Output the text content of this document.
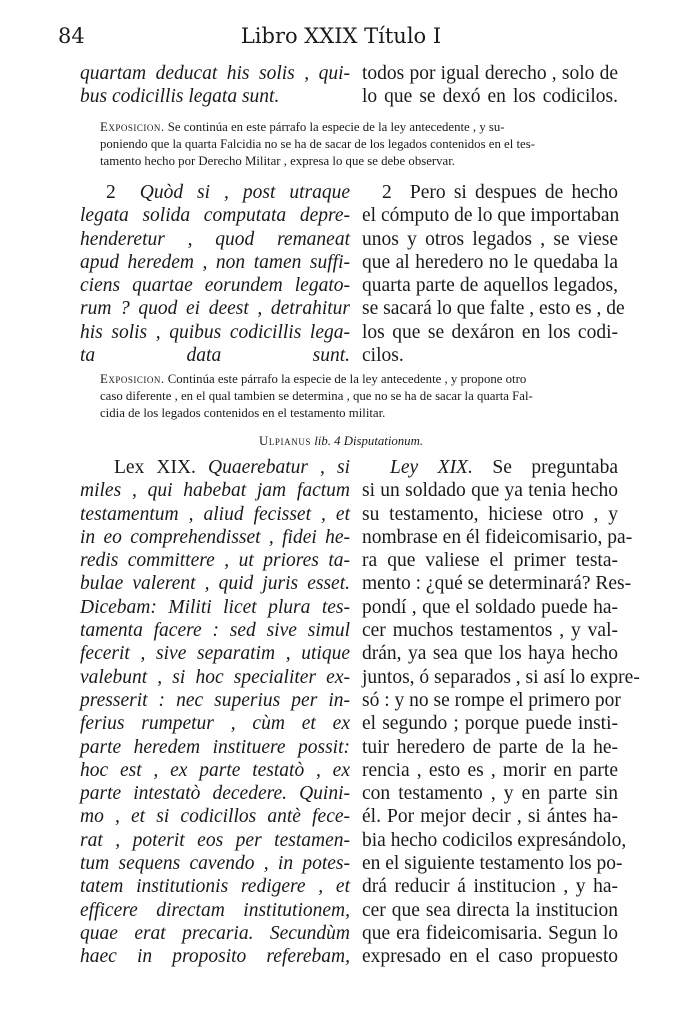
84	Libro XXIX Título I
quartam deducat his solis , qui-
bus codicillis legata sunt.
todos por igual derecho , solo de
lo que se dexó en los codicilos.
Exposicion. Se continúa en este párrafo la especie de la ley antecedente , y su-
poniendo que la quarta Falcidia no se ha de sacar de los legados contenidos en el tes-
tamento hecho por Derecho Militar , expresa lo que se debe observar.
2 Quòd si , post utraque
legata solida computata depre-
henderetur , quod remaneat
apud heredem , non tamen suffi-
ciens quartae eorundem legato-
rum ? quod ei deest , detrahitur
his solis , quibus codicillis lega-
ta data sunt.
2 Pero si despues de hecho
el cómputo de lo que importaban
unos y otros legados , se viese
que al heredero no le quedaba la
quarta parte de aquellos legados,
se sacará lo que falte , esto es , de
los que se dexáron en los codi-
cilos.
Exposicion. Continúa este párrafo la especie de la ley antecedente , y propone otro
caso diferente , en el qual tambien se determina , que no se ha de sacar la quarta Fal-
cidia de los legados contenidos en el testamento militar.
Ulpianus lib. 4 Disputationum.
Lex XIX. Quaerebatur , si
miles , qui habebat jam factum
testamentum , aliud fecisset , et
in eo comprehendisset , fidei he-
redis committere , ut priores ta-
bulae valerent , quid juris esset.
Dicebam: Militi licet plura tes-
tamenta facere : sed sive simul
fecerit , sive separatim , utique
valebunt , si hoc specialiter ex-
presserit : nec superius per in-
ferius rumpetur , cùm et ex
parte heredem instituere possit:
hoc est , ex parte testatò , ex
parte intestatò decedere. Quini-
mo , et si codicillos antè fece-
rat , poterit eos per testamen-
tum sequens cavendo , in potes-
tatem institutionis redigere , et
efficere directam institutionem,
quae erat precaria. Secundùm
haec in proposito referebam,
Ley XIX. Se preguntaba
si un soldado que ya tenia hecho
su testamento, hiciese otro , y
nombrase en él fideicomisario, pa-
ra que valiese el primer testa-
mento : ¿qué se determinará? Res-
pondí , que el soldado puede ha-
cer muchos testamentos , y val-
drán, ya sea que los haya hecho
juntos, ó separados , si así lo expre-
só : y no se rompe el primero por
el segundo ; porque puede insti-
tuir heredero de parte de la he-
rencia , esto es , morir en parte
con testamento , y en parte sin
él. Por mejor decir , si ántes ha-
bia hecho codicilos expresándolo,
en el siguiente testamento los po-
drá reducir á institucion , y ha-
cer que sea directa la institucion
que era fideicomisaria. Segun lo
expresado en el caso propuesto
